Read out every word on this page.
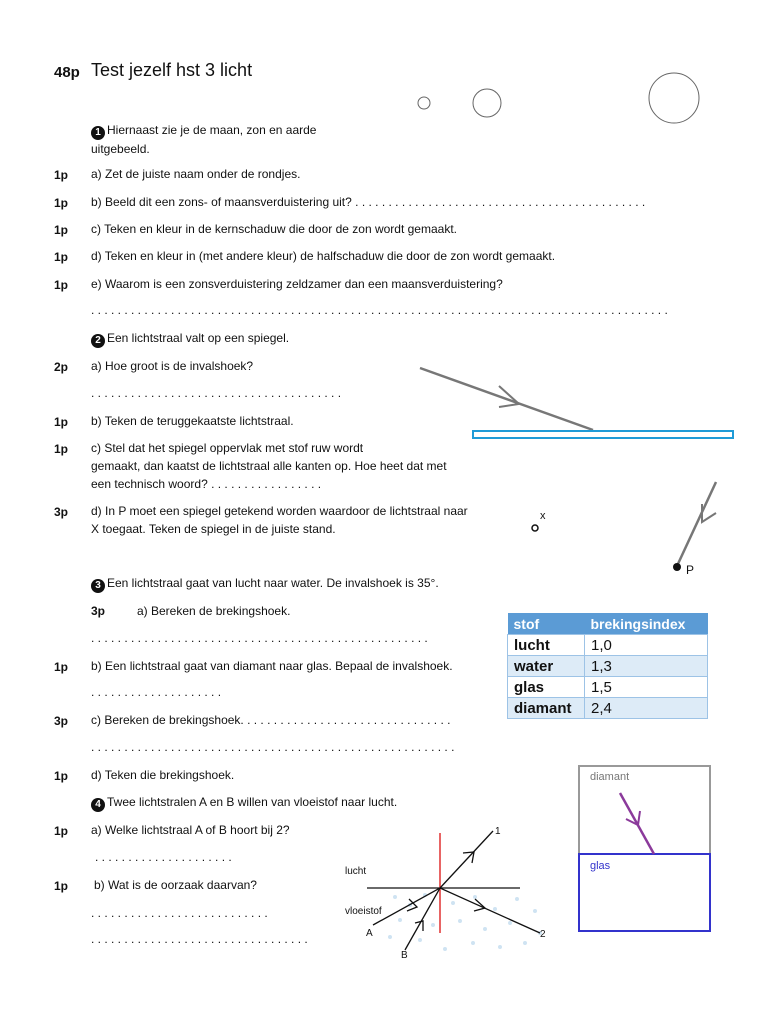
48p Test jezelf hst 3 licht
1 Hiernaast zie je de maan, zon en aarde
uitgebeeld.
1p a) Zet de juiste naam onder de rondjes.
1p b) Beeld dit een zons- of maansverduistering uit? . . . . . . . . . . . . . . . . . . . . . . . . . . . . . . . . . . . . . . . . . . . .
1p c) Teken en kleur in de kernschaduw die door de zon wordt gemaakt.
1p d) Teken en kleur in (met andere kleur) de halfschaduw die door de zon wordt gemaakt.
1p e) Waarom is een zonsverduistering zeldzamer dan een maansverduistering?
. . . . . . . . . . . . . . . . . . . . . . . . . . . . . . . . . . . . . . . . . . . . . . . . . . . . . . . . . . . . . . . . . . . . . . . . . . . . . . . . . . . . . . .
2 Een lichtstraal valt op een spiegel.
2p a) Hoe groot is de invalshoek?
. . . . . . . . . . . . . . . . . . . . . . . . . . . . . . . . . . . . . .
1p b) Teken de teruggekaatste lichtstraal.
1p c) Stel dat het spiegel oppervlak met stof ruw wordt
gemaakt, dan kaatst de lichtstraal alle kanten op. Hoe heet dat met
een technisch woord? . . . . . . . . . . . . . . . . .
3p d) In P moet een spiegel getekend worden waardoor de lichtstraal naar
X toegaat. Teken de spiegel in de juiste stand.
x
P
3 Een lichtstraal gaat van lucht naar water. De invalshoek is 35°.
3p	a) Bereken de brekingshoek.
. . . . . . . . . . . . . . . . . . . . . . . . . . . . . . . . . . . . . . . . . . . . . . . . . . .
1p b) Een lichtstraal gaat van diamant naar glas. Bepaal de invalshoek.
. . . . . . . . . . . . . . . . . . . .
3p c) Bereken de brekingshoek. . . . . . . . . . . . . . . . . . . . . . . . . . . . . . . .
. . . . . . . . . . . . . . . . . . . . . . . . . . . . . . . . . . . . . . . . . . . . . . . . . . . . . . .
1p d) Teken die brekingshoek.
stof	brekingsindex
lucht	1,0
water	1,3
glas	1,5
diamant	2,4
diamant
glas
4 Twee lichtstralen A en B willen van vloeistof naar lucht.
1p a) Welke lichtstraal A of B hoort bij 2?
. . . . . . . . . . . . . . . . . . . . .
1p b) Wat is de oorzaak daarvan?
. . . . . . . . . . . . . . . . . . . . . . . . . . .
. . . . . . . . . . . . . . . . . . . . . . . . . . . . . . . . .
lucht
vloeistof
A
B
1
2
